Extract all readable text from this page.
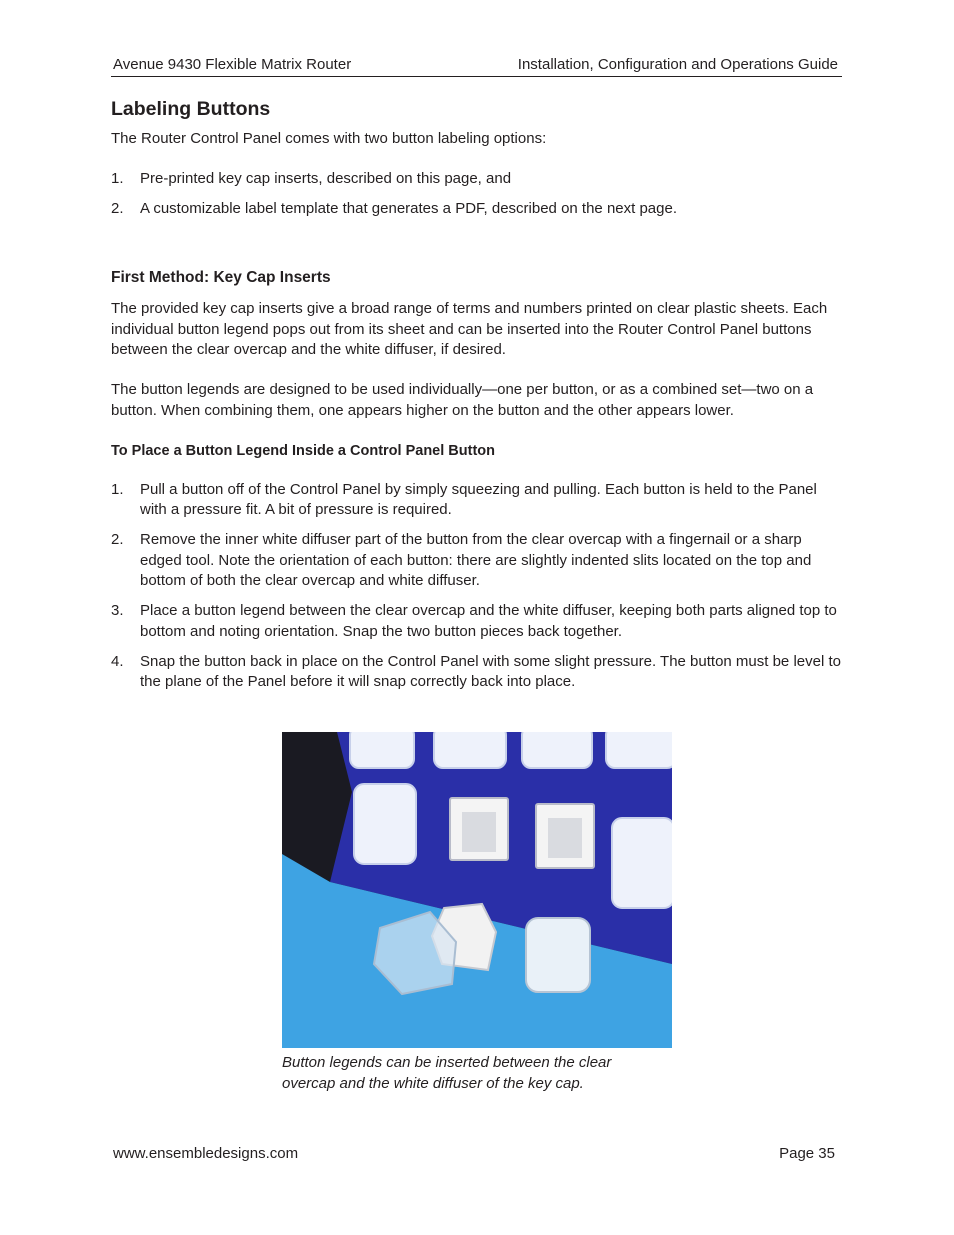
Avenue 9430 Flexible Matrix Router	Installation, Configuration and Operations Guide
Labeling Buttons

The Router Control Panel comes with two button labeling options:

1. Pre-printed key cap inserts, described on this page, and
2. A customizable label template that generates a PDF, described on the next page.
First Method: Key Cap Inserts

The provided key cap inserts give a broad range of terms and numbers printed on clear plastic sheets. Each individual button legend pops out from its sheet and can be inserted into the Router Control Panel buttons between the clear overcap and the white diffuser, if desired.

The button legends are designed to be used individually—one per button, or as a combined set—two on a button. When combining them, one appears higher on the button and the other appears lower.

To Place a Button Legend Inside a Control Panel Button
1. Pull a button off of the Control Panel by simply squeezing and pulling. Each button is held to the Panel with a pressure fit. A bit of pressure is required.
2. Remove the inner white diffuser part of the button from the clear overcap with a fingernail or a sharp edged tool. Note the orientation of each button: there are slightly indented slits located on the top and bottom of both the clear overcap and white diffuser.
3. Place a button legend between the clear overcap and the white diffuser, keeping both parts aligned top to bottom and noting orientation. Snap the two button pieces back together.
4. Snap the button back in place on the Control Panel with some slight pressure. The button must be level to the plane of the Panel before it will snap correctly back into place.
Button legends can be inserted between the clear overcap and the white diffuser of the key cap.
www.ensembledesigns.com	Page 35
